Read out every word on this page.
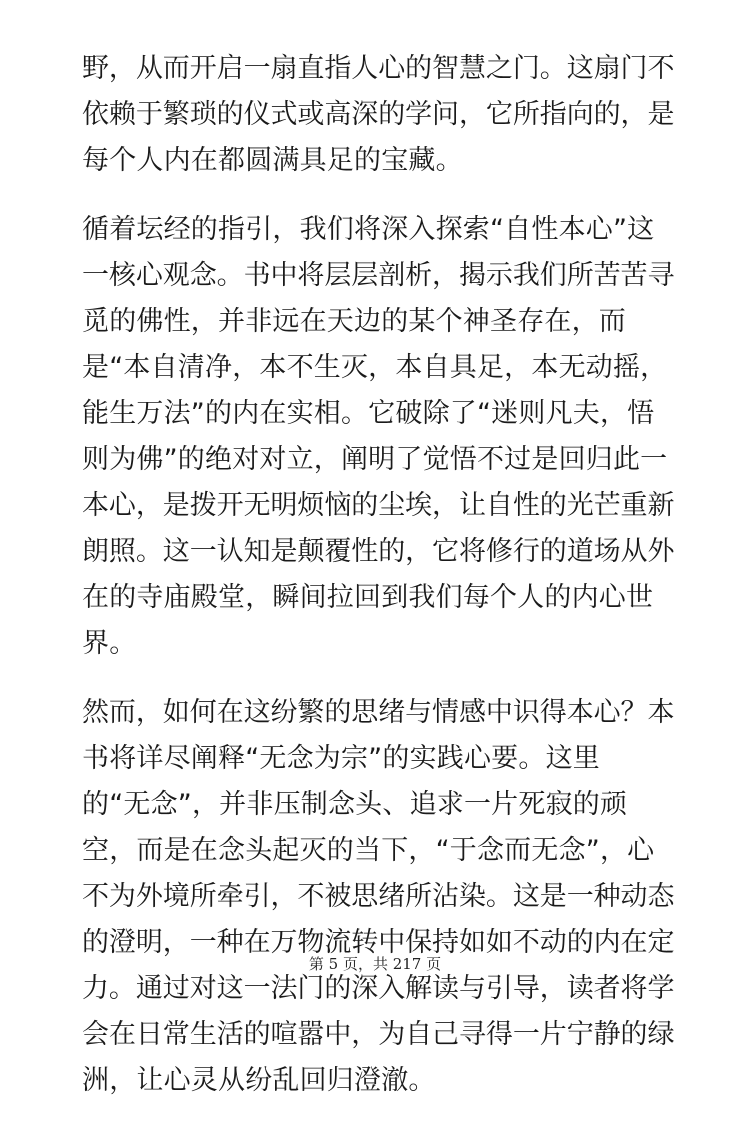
野，从而开启一扇直指人心的智慧之门。这扇门不
依赖于繁琐的仪式或高深的学问，它所指向的，是
每个人内在都圆满具足的宝藏。
循着坛经的指引，我们将深入探索“自性本心”这
一核心观念。书中将层层剖析，揭示我们所苦苦寻
觅的佛性，并非远在天边的某个神圣存在，而
是“本自清净，本不生灭，本自具足，本无动摇，
能生万法”的内在实相。它破除了“迷则凡夫，悟
则为佛”的绝对对立，阐明了觉悟不过是回归此一
本心，是拨开无明烦恼的尘埃，让自性的光芒重新
朗照。这一认知是颠覆性的，它将修行的道场从外
在的寺庙殿堂，瞬间拉回到我们每个人的内心世
界。
然而，如何在这纷繁的思绪与情感中识得本心？本
书将详尽阐释“无念为宗”的实践心要。这里
的“无念”，并非压制念头、追求一片死寂的顽
空，而是在念头起灭的当下，“于念而无念”，心
不为外境所牵引，不被思绪所沾染。这是一种动态
的澄明，一种在万物流转中保持如如不动的内在定
力。通过对这一法门的深入解读与引导，读者将学
会在日常生活的喧嚣中，为自己寻得一片宁静的绿
洲，让心灵从纷乱回归澄澈。
第 5 页，共 217 页
